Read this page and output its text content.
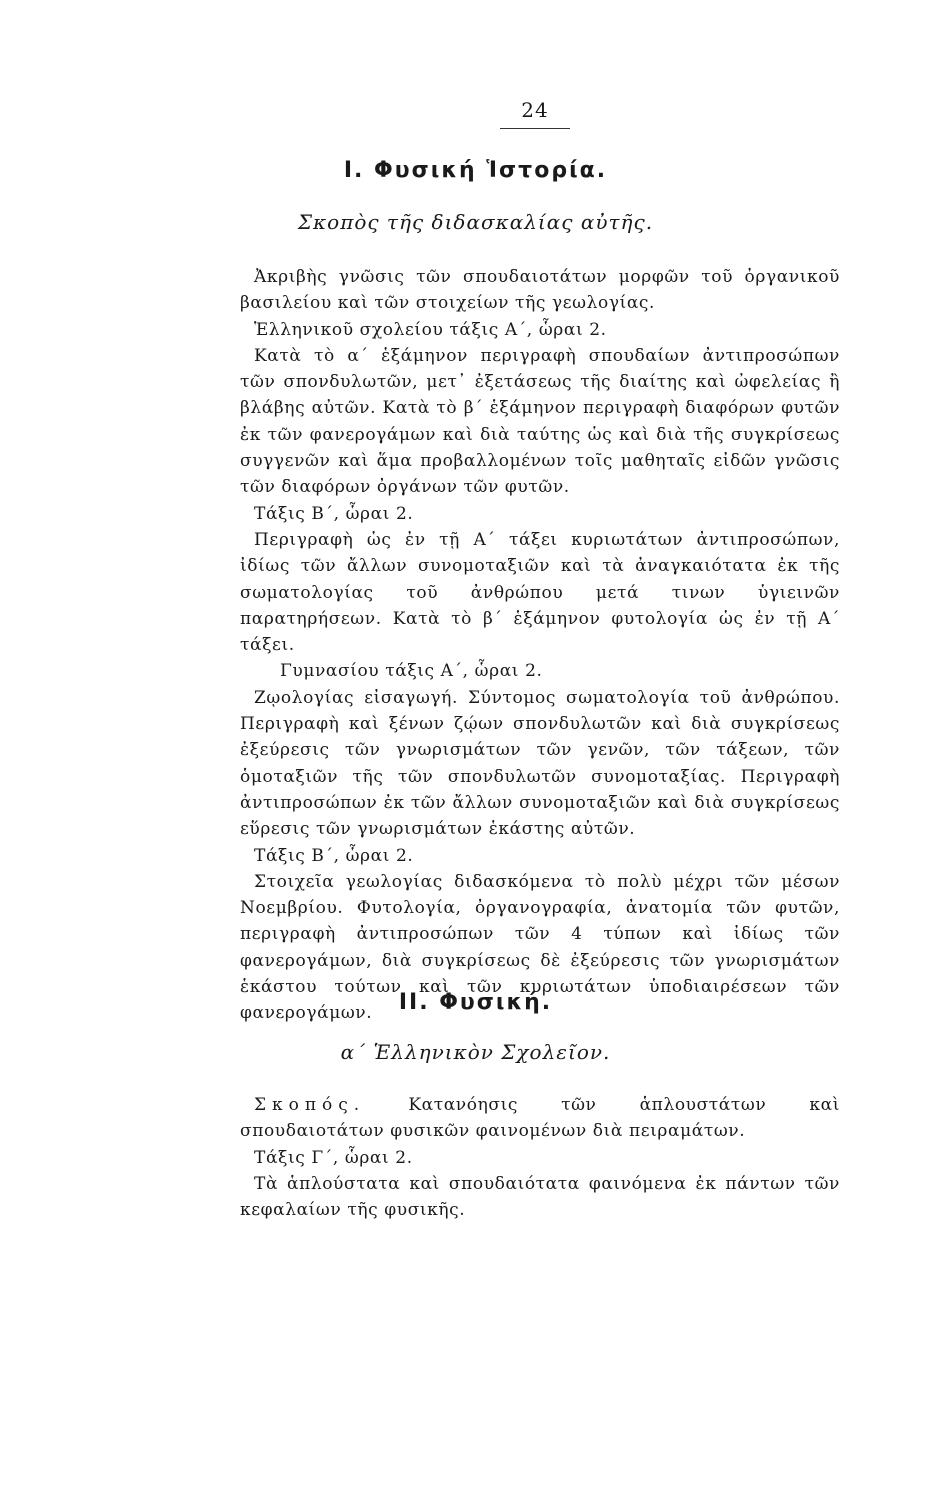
24
I. Φυσική Ἱστορία.
Σκοπὸς τῆς διδασκαλίας αὐτῆς.

Ἀκριβὴς γνῶσις τῶν σπουδαιοτάτων μορφῶν τοῦ ὀργανικοῦ βασιλείου καὶ τῶν στοιχείων τῆς γεωλογίας.

Ἑλληνικοῦ σχολείου τάξις Α΄, ὧραι 2.

Κατὰ τὸ α΄ ἑξάμηνον περιγραφὴ σπουδαίων ἀντιπροσώπων τῶν σπονδυλωτῶν, μετ᾽ ἐξετάσεως τῆς διαίτης καὶ ὠφελείας ἢ βλάβης αὐτῶν. Κατὰ τὸ β΄ ἑξάμηνον περιγραφὴ διαφόρων φυτῶν ἐκ τῶν φανερογάμων καὶ διὰ ταύτης ὡς καὶ διὰ τῆς συγκρίσεως συγγενῶν καὶ ἅμα προβαλλομένων τοῖς μαθηταῖς εἰδῶν γνῶσις τῶν διαφόρων ὀργάνων τῶν φυτῶν.

Τάξις Β΄, ὧραι 2.

Περιγραφὴ ὡς ἐν τῇ Α΄ τάξει κυριωτάτων ἀντιπροσώπων, ἰδίως τῶν ἄλλων συνομοταξιῶν καὶ τὰ ἀναγκαιότατα ἐκ τῆς σωματολογίας τοῦ ἀνθρώπου μετά τινων ὑγιεινῶν παρατηρήσεων. Κατὰ τὸ β΄ ἑξάμηνον φυτολογία ὡς ἐν τῇ Α΄ τάξει.

Γυμνασίου τάξις Α΄, ὧραι 2.

Ζῳολογίας εἰσαγωγή. Σύντομος σωματολογία τοῦ ἀνθρώπου. Περιγραφὴ καὶ ξένων ζῴων σπονδυλωτῶν καὶ διὰ συγκρίσεως ἐξεύρεσις τῶν γνωρισμάτων τῶν γενῶν, τῶν τάξεων, τῶν ὁμοταξιῶν τῆς τῶν σπονδυλωτῶν συνομοταξίας. Περιγραφὴ ἀντιπροσώπων ἐκ τῶν ἄλλων συνομοταξιῶν καὶ διὰ συγκρίσεως εὕρεσις τῶν γνωρισμάτων ἑκάστης αὐτῶν.

Τάξις Β΄, ὧραι 2.

Στοιχεῖα γεωλογίας διδασκόμενα τὸ πολὺ μέχρι τῶν μέσων Νοεμβρίου. Φυτολογία, ὀργανογραφία, ἀνατομία τῶν φυτῶν, περιγραφὴ ἀντιπροσώπων τῶν 4 τύπων καὶ ἰδίως τῶν φανερογάμων, διὰ συγκρίσεως δὲ ἐξεύρεσις τῶν γνωρισμάτων ἑκάστου τούτων καὶ τῶν κυριωτάτων ὑποδιαιρέσεων τῶν φανερογάμων.	II. Φυσική.
α΄ Ἑλληνικὸν Σχολεῖον.

Σκοπός.	Κατανόησις τῶν ἁπλουστάτων καὶ σπουδαιοτάτων φυσικῶν φαινομένων διὰ πειραμάτων.

Τάξις Γ΄, ὧραι 2.

Τὰ ἁπλούστατα καὶ σπουδαιότατα φαινόμενα ἐκ πάντων τῶν κεφαλαίων τῆς φυσικῆς.
